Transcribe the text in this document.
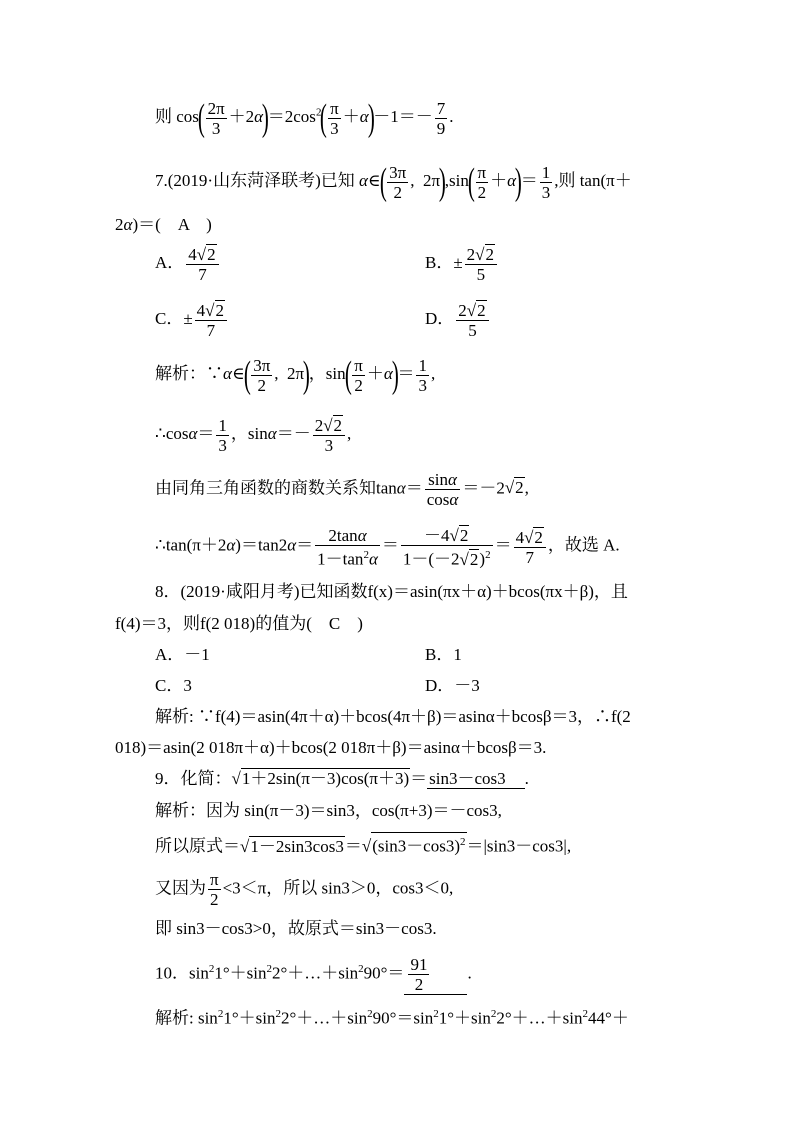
则 $\cos( \frac{2\pi}{3} +2\alpha)=2\cos^2( \frac{\pi}{3} +\alpha)-1=- \frac{7}{9}$ .
7.(2019·山东菏泽联考)已知 α∈( $\frac{3\pi}{2}$ ,  $2\pi),\sin( \frac{\pi}{2} +\alpha)= \frac{1}{3}$ ,则 tan(π＋
2α)＝(　A　)
A． $\frac{4√2}{7}$	B．± $\frac{2√2}{5}$
C．± $\frac{4√2}{7}$	D． $\frac{2√2}{5}$
解析：∵α∈( $\frac{3\pi}{2}$ ,  2π)，$\sin( \frac{\pi}{2} +\alpha)= \frac{1}{3}$ ,
∴cosα＝ $\frac{1}{3}$ ，$\sin\alpha=- \frac{2√2}{3}$ ,
由同角三角函数的商数关系知$\tan\alpha= \frac{\sin\alpha}{\cos\alpha} =-2√2$,
∴tan(π＋2α)＝tan2α＝ $\frac{2\tan\alpha}{1-\tan^2\alpha} = \frac{-4√2}{1-(-2√2)^2} = \frac{4√2}{7}$ ，故选 A.
8．(2019·咸阳月考)已知函数f(x)＝asin(πx＋α)＋bcos(πx＋β)，且
f(4)＝3，则f(2 018)的值为(　C　)
A．－1	B．1
C．3	D．－3
解析: ∵f(4)＝asin(4π＋α)＋bcos(4π＋β)＝asinα＋bcosβ＝3，∴f(2
018)＝asin(2 018π＋α)＋bcos(2 018π＋β)＝asinα＋bcosβ＝3.
9．化简：√1＋2sin(π－3)cos(π＋3)＝ sin3－cos3　.
解析：因为 sin(π－3)＝sin3，cos(π+3)＝－cos3,
所以原式$=√1-2\sin 3\cos 3=√(\sin 3-\cos 3)^2=|\sin 3-\cos 3|$,
又因为 $\frac{\pi}{2} <3<\pi$，所以 sin3＞0，cos3＜0,
即 sin3－cos3>0，故原式＝sin3－cos3.
10．$\sin^21^\circ+\sin^22^\circ+\dots+\sin^290^\circ= \frac{91}{2}$
　　 .
解析: $\sin^21^\circ+\sin^22^\circ+\dots+\sin^290^\circ=\sin^21^\circ+\sin^22^\circ+\dots+\sin^244^\circ+$
